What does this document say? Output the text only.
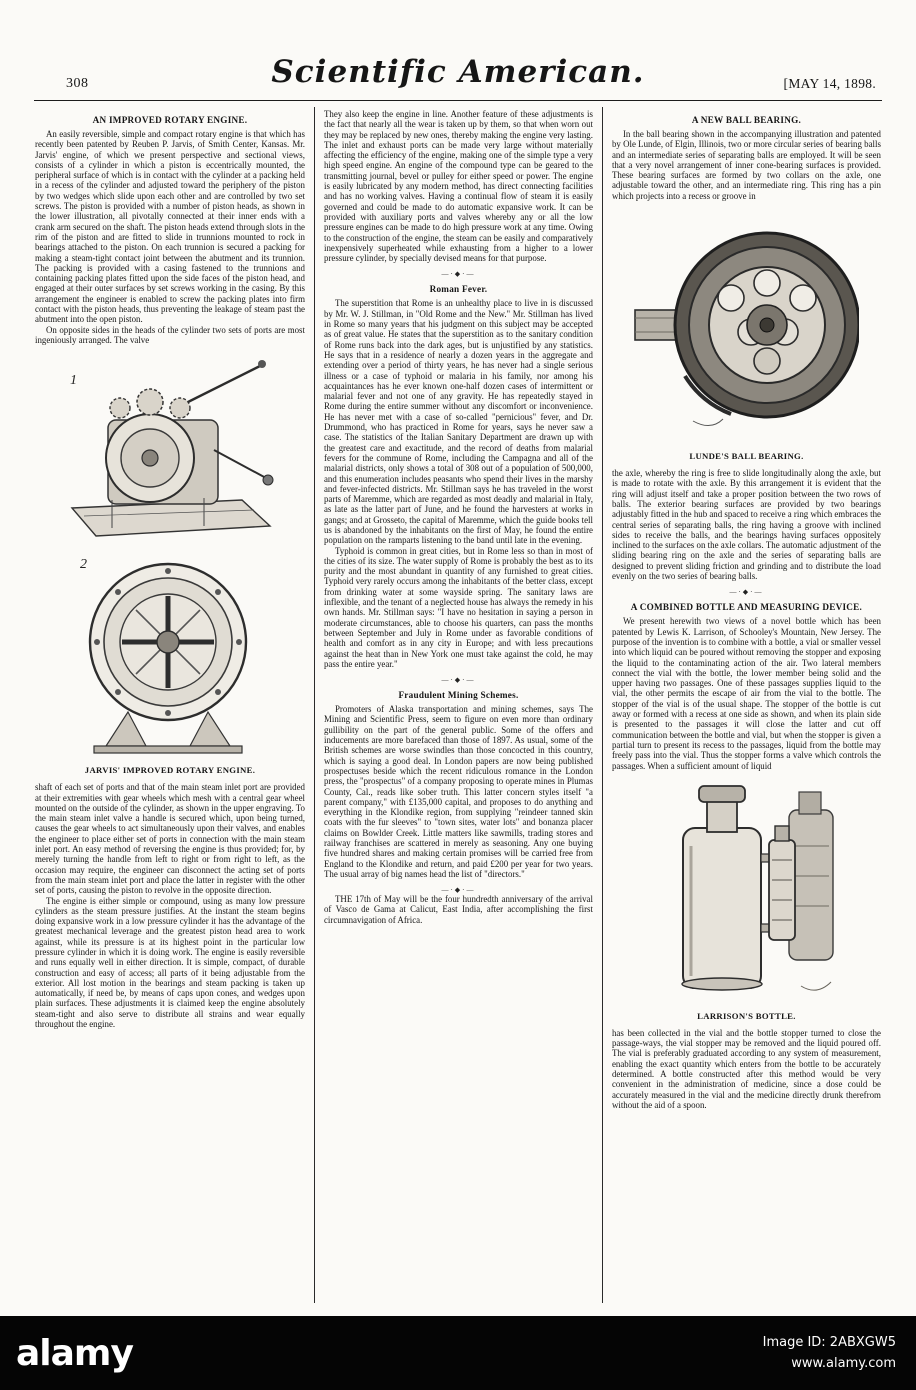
308	Scientific American.	[MAY 14, 1898.
AN IMPROVED ROTARY ENGINE.

An easily reversible, simple and compact rotary engine is that which has recently been patented by Reuben P. Jarvis, of Smith Center, Kansas. Mr. Jarvis' engine, of which we present perspective and sectional views, consists of a cylinder in which a piston is eccentrically mounted, the peripheral surface of which is in contact with the cylinder at a packing held in a recess of the cylinder and adjusted toward the periphery of the piston by two wedges which slide upon each other and are controlled by two set screws. The piston is provided with a number of piston heads, as shown in the lower illustration, all pivotally connected at their inner ends with a crank arm secured on the shaft. The piston heads extend through slots in the rim of the piston and are fitted to slide in trunnions mounted to rock in bearings attached to the piston. On each trunnion is secured a packing for making a steam-tight contact joint between the abutment and its trunnion. The packing is provided with a casing fastened to the trunnions and containing packing plates fitted upon the side faces of the piston head, and engaged at their outer surfaces by set screws working in the casing. By this arrangement the engineer is enabled to screw the packing plates into firm contact with the piston heads, thus preventing the leakage of steam past the abutment into the open piston.

On opposite sides in the heads of the cylinder two sets of ports are most ingeniously arranged. The valve

1
2
JARVIS' IMPROVED ROTARY ENGINE.

shaft of each set of ports and that of the main steam inlet port are provided at their extremities with gear wheels which mesh with a central gear wheel mounted on the outside of the cylinder, as shown in the upper engraving. To the main steam inlet valve a handle is secured which, upon being turned, causes the gear wheels to act simultaneously upon their valves, and enables the engineer to place either set of ports in connection with the main steam inlet port. An easy method of reversing the engine is thus provided; for, by merely turning the handle from left to right or from right to left, as the occasion may require, the engineer can disconnect the acting set of ports from the main steam inlet port and place the latter in register with the other set of ports, causing the piston to revolve in the opposite direction.

The engine is either simple or compound, using as many low pressure cylinders as the steam pressure justifies. At the instant the steam begins doing expansive work in a low pressure cylinder it has the advantage of the greatest mechanical leverage and the greatest piston head area to work against, while its pressure is at its highest point in the particular low pressure cylinder in which it is doing work. The engine is easily reversible and runs equally well in either direction. It is simple, compact, of durable construction and easy of access; all parts of it being adjustable from the exterior. All lost motion in the bearings and steam packing is taken up automatically, if need be, by means of caps upon cones, and wedges upon plain surfaces. These adjustments it is claimed keep the engine absolutely steam-tight and also serve to distribute all strains and wear equally throughout the engine.

They also keep the engine in line. Another feature of these adjustments is the fact that nearly all the wear is taken up by them, so that when worn out they may be replaced by new ones, thereby making the engine very lasting. The inlet and exhaust ports can be made very large without materially affecting the efficiency of the engine, making one of the simple type a very high speed engine. An engine of the compound type can be geared to the transmitting journal, bevel or pulley for either speed or power. The engine is easily lubricated by any modern method, has direct connecting facilities and has no working valves. Having a continual flow of steam it is easily governed and could be made to do automatic expansive work. It can be provided with auxiliary ports and valves whereby any or all the low pressure engines can be made to do high pressure work at any time. Owing to the construction of the engine, the steam can be easily and comparatively inexpensively superheated while exhausting from a higher to a lower pressure cylinder, by specially devised means for that purpose.

—·◆·—
Roman Fever.

The superstition that Rome is an unhealthy place to live in is discussed by Mr. W. J. Stillman, in "Old Rome and the New." Mr. Stillman has lived in Rome so many years that his judgment on this subject may be accepted as of great value. He states that the superstition as to the sanitary condition of Rome runs back into the dark ages, but is unjustified by any statistics. He says that in a residence of nearly a dozen years in the aggregate and extending over a period of thirty years, he has never had a single serious illness or a case of typhoid or malaria in his family, nor among his acquaintances has he ever known one-half dozen cases of intermittent or malarial fever and not one of any gravity. He has repeatedly stayed in Rome during the entire summer without any discomfort or inconvenience. He has never met with a case of so-called "pernicious" fever, and Dr. Drummond, who has practiced in Rome for years, says he never saw a case. The statistics of the Italian Sanitary Department are drawn up with the greatest care and exactitude, and the record of deaths from malarial fevers for the commune of Rome, including the Campagna and all of the malarial districts, only shows a total of 308 out of a population of 500,000, and this enumeration includes peasants who spend their lives in the marshy and fever-infected districts. Mr. Stillman says he has traveled in the worst parts of Maremme, which are regarded as most deadly and malarial in Italy, as late as the latter part of June, and he found the harvesters at works in gangs; and at Grosseto, the capital of Maremme, which the guide books tell us is abandoned by the inhabitants on the first of May, he found the entire population on the ramparts listening to the band until late in the evening.

Typhoid is common in great cities, but in Rome less so than in most of the cities of its size. The water supply of Rome is probably the best as to its purity and the most abundant in quantity of any furnished to great cities. Typhoid very rarely occurs among the inhabitants of the better class, except from drinking water at some wayside spring. The sanitary laws are inflexible, and the tenant of a neglected house has always the remedy in his own hands. Mr. Stillman says: "I have no hesitation in saying a person in moderate circumstances, able to choose his quarters, can pass the months between September and July in Rome under as favorable conditions of health and comfort as in any city in Europe; and with less precautions against the heat than in New York one must take against the cold, he may pass the entire year."

—·◆·—
Fraudulent Mining Schemes.

Promoters of Alaska transportation and mining schemes, says The Mining and Scientific Press, seem to figure on even more than ordinary gullibility on the part of the general public. Some of the offers and inducements are more barefaced than those of 1897. As usual, some of the British schemes are worse swindles than those concocted in this country, which is saying a good deal. In London papers are now being published prospectuses beside which the recent ridiculous romance in the London press, the "prospectus" of a company proposing to operate mines in Plumas County, Cal., reads like sober truth. This latter concern styles itself "a parent company," with £135,000 capital, and proposes to do anything and everything in the Klondike region, from supplying "reindeer tanned skin coats with the fur sleeves" to "town sites, water lots" and bonanza placer claims on Bowlder Creek. Little matters like sawmills, trading stores and railway franchises are scattered in merely as seasoning. Any one buying five hundred shares and making certain promises will be carried free from England to the Klondike and return, and paid £200 per year for two years. The usual array of big names head the list of "directors."

—·◆·—

THE 17th of May will be the four hundredth anniversary of the arrival of Vasco de Gama at Calicut, East India, after accomplishing the first circumnavigation of Africa.

A NEW BALL BEARING.

In the ball bearing shown in the accompanying illustration and patented by Ole Lunde, of Elgin, Illinois, two or more circular series of bearing balls and an intermediate series of separating balls are employed. It will be seen that a very novel arrangement of inner cone-bearing surfaces is provided. These bearing surfaces are formed by two collars on the axle, one adjustable toward the other, and an intermediate ring. This ring has a pin which projects into a recess or groove in

LUNDE'S BALL BEARING.

the axle, whereby the ring is free to slide longitudinally along the axle, but is made to rotate with the axle. By this arrangement it is evident that the ring will adjust itself and take a proper position between the two rows of balls. The exterior bearing surfaces are provided by two bearings adjustably fitted in the hub and spaced to receive a ring which embraces the central series of separating balls, the ring having a groove with inclined sides to receive the balls, and the bearings having surfaces oppositely inclined to the surfaces on the axle collars. The automatic adjustment of the sliding bearing ring on the axle and the series of separating balls are designed to prevent sliding friction and grinding and to distribute the load evenly on the two series of bearing balls.

—·◆·—
A COMBINED BOTTLE AND MEASURING DEVICE.

We present herewith two views of a novel bottle which has been patented by Lewis K. Larrison, of Schooley's Mountain, New Jersey. The purpose of the invention is to combine with a bottle, a vial or smaller vessel into which liquid can be poured without removing the stopper and exposing the liquid to the contaminating action of the air. Two lateral members connect the vial with the bottle, the lower member being solid and the upper having two passages. One of these passages supplies liquid to the vial, the other permits the escape of air from the vial to the bottle. The stopper of the vial is of the usual shape. The stopper of the bottle is cut away or formed with a recess at one side as shown, and when its plain side is presented to the passages it will close the latter and cut off communication between the bottle and vial, but when the stopper is given a partial turn to present its recess to the passages, liquid from the bottle may freely pass into the vial. Thus the stopper forms a valve which controls the passages. When a sufficient amount of liquid

LARRISON'S BOTTLE.

has been collected in the vial and the bottle stopper turned to close the passage-ways, the vial stopper may be removed and the liquid poured off. The vial is preferably graduated according to any system of measurement, enabling the exact quantity which enters from the bottle to be accurately determined. A bottle constructed after this method would be very convenient in the administration of medicine, since a dose could be accurately measured in the vial and the medicine directly drunk therefrom without the aid of a spoon.

alamy	Image ID: 2ABXGW5
www.alamy.com
